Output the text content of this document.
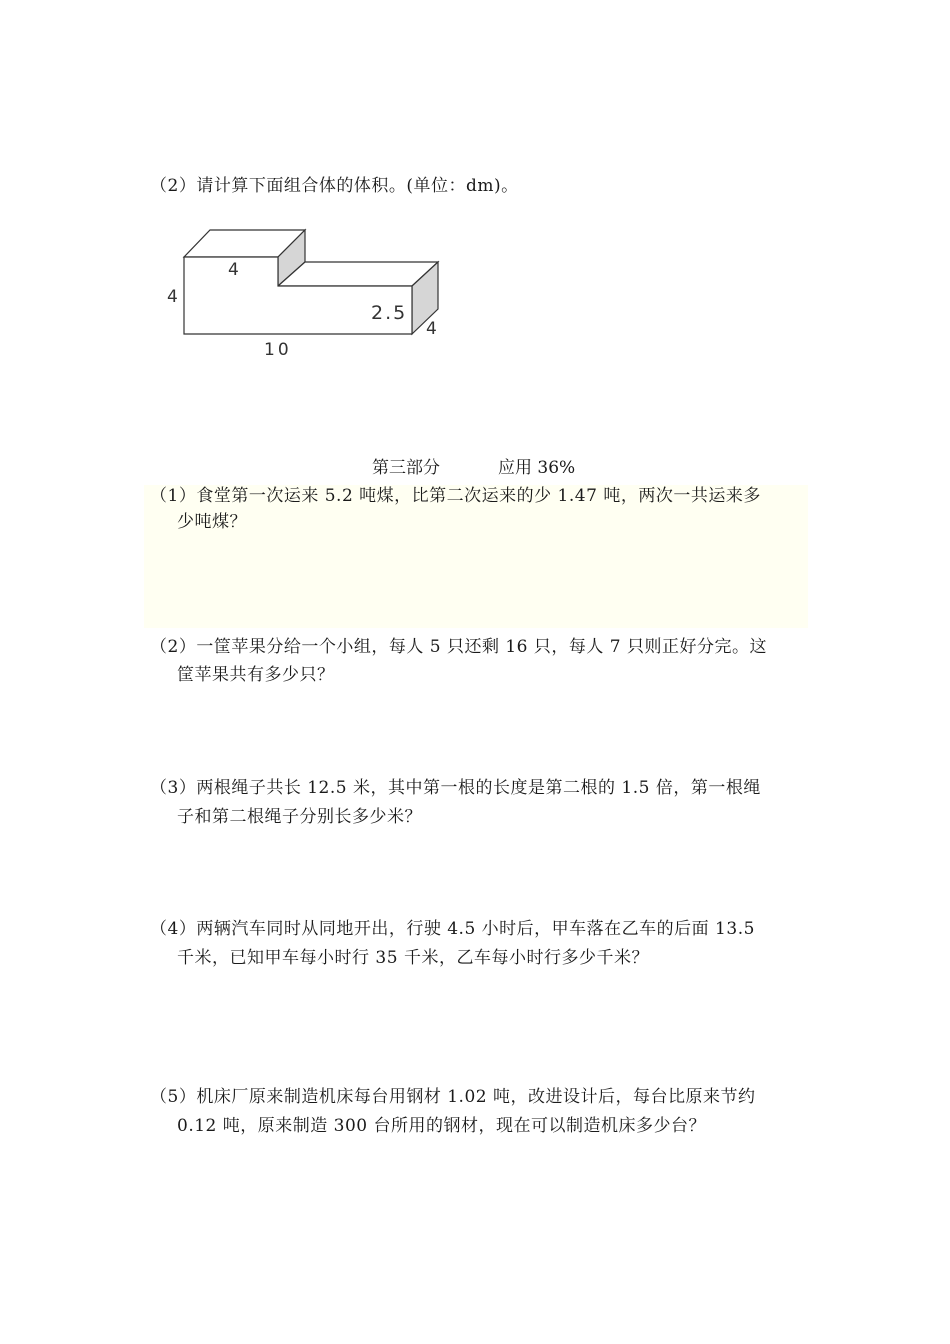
（2）请计算下面组合体的体积。(单位：dm)。
4
4
10
2.5
4
第三部分	应用 36%
（1）食堂第一次运来 5.2 吨煤，比第二次运来的少 1.47 吨，两次一共运来多
少吨煤？
（2）一筐苹果分给一个小组，每人 5 只还剩 16 只，每人 7 只则正好分完。这
筐苹果共有多少只？
（3）两根绳子共长 12.5 米，其中第一根的长度是第二根的 1.5 倍，第一根绳
子和第二根绳子分别长多少米？
（4）两辆汽车同时从同地开出，行驶 4.5 小时后，甲车落在乙车的后面 13.5
千米，已知甲车每小时行 35 千米，乙车每小时行多少千米？
（5）机床厂原来制造机床每台用钢材 1.02 吨，改进设计后，每台比原来节约
0.12 吨，原来制造 300 台所用的钢材，现在可以制造机床多少台？
